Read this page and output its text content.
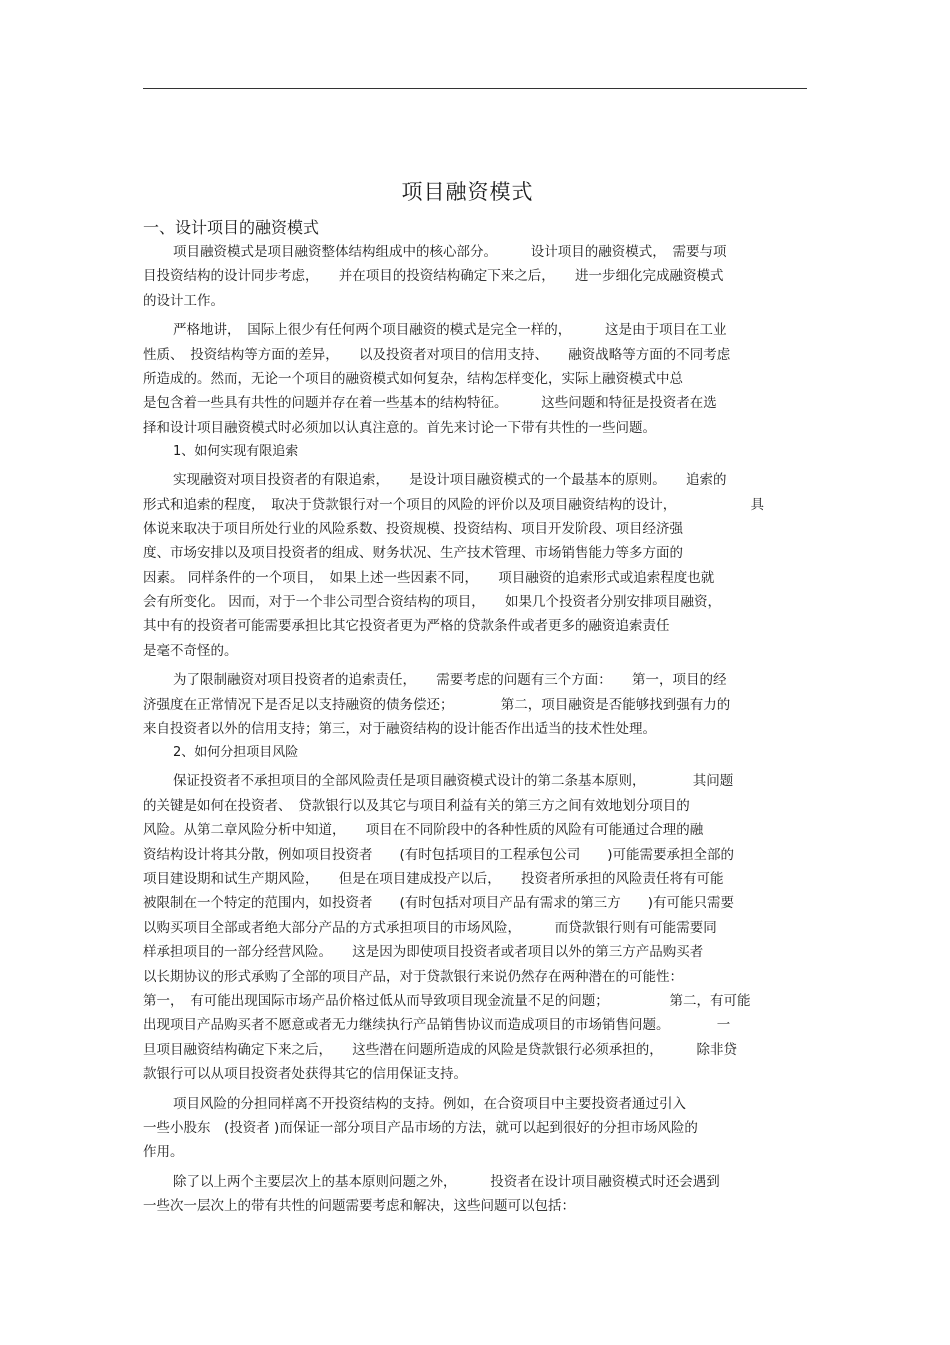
项目融资模式
一、设计项目的融资模式
项目融资模式是项目融资整体结构组成中的核心部分。　　　设计项目的融资模式，　需要与项
目投资结构的设计同步考虑，　　并在项目的投资结构确定下来之后，　　进一步细化完成融资模式
的设计工作。
严格地讲，　国际上很少有任何两个项目融资的模式是完全一样的，　　　这是由于项目在工业
性质、　投资结构等方面的差异，　　以及投资者对项目的信用支持、　　融资战略等方面的不同考虑
所造成的。然而，无论一个项目的融资模式如何复杂，结构怎样变化，实际上融资模式中总
是包含着一些具有共性的问题并存在着一些基本的结构特征。　　　这些问题和特征是投资者在选
择和设计项目融资模式时必须加以认真注意的。首先来讨论一下带有共性的一些问题。
1、如何实现有限追索
实现融资对项目投资者的有限追索，　　是设计项目融资模式的一个最基本的原则。　　追索的
形式和追索的程度，　取决于贷款银行对一个项目的风险的评价以及项目融资结构的设计，　　　　　　具
体说来取决于项目所处行业的风险系数、投资规模、投资结构、项目开发阶段、项目经济强
度、市场安排以及项目投资者的组成、财务状况、生产技术管理、市场销售能力等多方面的
因素。 同样条件的一个项目，　如果上述一些因素不同，　　项目融资的追索形式或追索程度也就
会有所变化。 因而，对于一个非公司型合资结构的项目，　　如果几个投资者分别安排项目融资，
其中有的投资者可能需要承担比其它投资者更为严格的贷款条件或者更多的融资追索责任
是毫不奇怪的。
为了限制融资对项目投资者的追索责任，　　需要考虑的问题有三个方面：　　第一，项目的经
济强度在正常情况下是否足以支持融资的债务偿还；　　　　第二，项目融资是否能够找到强有力的
来自投资者以外的信用支持；第三，对于融资结构的设计能否作出适当的技术性处理。
2、如何分担项目风险
保证投资者不承担项目的全部风险责任是项目融资模式设计的第二条基本原则，　　　　其问题
的关键是如何在投资者、　贷款银行以及其它与项目利益有关的第三方之间有效地划分项目的
风险。从第二章风险分析中知道，　　项目在不同阶段中的各种性质的风险有可能通过合理的融
资结构设计将其分散，例如项目投资者　　(有时包括项目的工程承包公司　　)可能需要承担全部的
项目建设期和试生产期风险，　　但是在项目建成投产以后，　　投资者所承担的风险责任将有可能
被限制在一个特定的范围内，如投资者　　(有时包括对项目产品有需求的第三方　　)有可能只需要
以购买项目全部或者绝大部分产品的方式承担项目的市场风险，　　　而贷款银行则有可能需要同
样承担项目的一部分经营风险。　　这是因为即使项目投资者或者项目以外的第三方产品购买者
以长期协议的形式承购了全部的项目产品，对于贷款银行来说仍然存在两种潜在的可能性：
第一，　有可能出现国际市场产品价格过低从而导致项目现金流量不足的问题；　　　　　第二，有可能
出现项目产品购买者不愿意或者无力继续执行产品销售协议而造成项目的市场销售问题。　　　　一
旦项目融资结构确定下来之后，　　这些潜在问题所造成的风险是贷款银行必须承担的，　　　除非贷
款银行可以从项目投资者处获得其它的信用保证支持。
项目风险的分担同样离不开投资结构的支持。例如，在合资项目中主要投资者通过引入
一些小股东　(投资者 )而保证一部分项目产品市场的方法，就可以起到很好的分担市场风险的
作用。
除了以上两个主要层次上的基本原则问题之外，　　　投资者在设计项目融资模式时还会遇到
一些次一层次上的带有共性的问题需要考虑和解决，这些问题可以包括：
